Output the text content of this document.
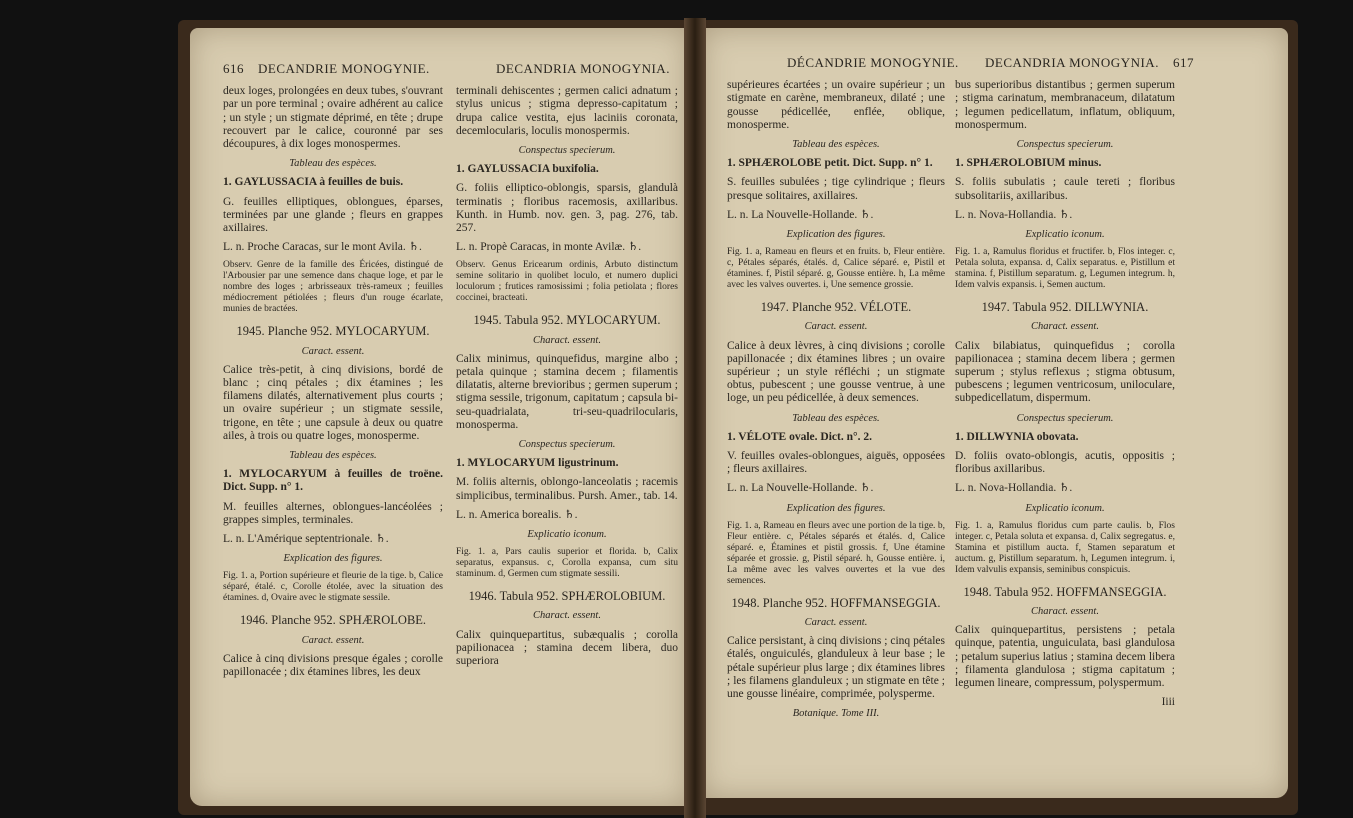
616 DECANDRIE MONOGYNIE.
deux loges, prolongées en deux tubes, s'ouvrant par un pore terminal ; ovaire adhérent au calice ; un style ; un stigmate déprimé, en tête ; drupe recouvert par le calice, couronné par ses découpures, à dix loges monospermes.
Tableau des espèces.
1. GAYLUSSACIA à feuilles de buis.
G. feuilles elliptiques, oblongues, éparses, terminées par une glande ; fleurs en grappes axillaires.
L. n. Proche Caracas, sur le mont Avila. ♄.
Observ. Genre de la famille des Éricées, distingué de l'Arbousier par une semence dans chaque loge, et par le nombre des loges ; arbrisseaux très-rameux ; feuilles médiocrement pétiolées ; fleurs d'un rouge écarlate, munies de bractées.
1945. Planche 952. MYLOCARYUM.
Caract. essent.
Calice très-petit, à cinq divisions, bordé de blanc ; cinq pétales ; dix étamines ; les filamens dilatés, alternativement plus courts ; un ovaire supérieur ; un stigmate sessile, trigone, en tête ; une capsule à deux ou quatre ailes, à trois ou quatre loges, monosperme.
Tableau des espèces.
1. MYLOCARYUM à feuilles de troëne. Dict. Supp. n° 1.
M. feuilles alternes, oblongues-lancéolées ; grappes simples, terminales.
L. n. L'Amérique septentrionale. ♄.
Explication des figures.
Fig. 1. a, Portion supérieure et fleurie de la tige. b, Calice séparé, étalé. c, Corolle étolée, avec la situation des étamines. d, Ovaire avec le stigmate sessile.
1946. Planche 952. SPHÆROLOBE.
Caract. essent.
Calice à cinq divisions presque égales ; corolle papillonacée ; dix étamines libres, les deux
DECANDRIA MONOGYNIA.
terminali dehiscentes ; germen calici adnatum ; stylus unicus ; stigma depresso-capitatum ; drupa calice vestita, ejus laciniis coronata, decemlocularis, loculis monospermis.
Conspectus specierum.
1. GAYLUSSACIA buxifolia.
G. foliis elliptico-oblongis, sparsis, glandulà terminatis ; floribus racemosis, axillaribus. Kunth. in Humb. nov. gen. 3, pag. 276, tab. 257.
L. n. Propè Caracas, in monte Avilæ. ♄.
Observ. Genus Ericearum ordinis, Arbuto distinctum semine solitario in quolibet loculo, et numero duplici loculorum ; frutices ramosissimi ; folia petiolata ; flores coccinei, bracteati.
1945. Tabula 952. MYLOCARYUM.
Charact. essent.
Calix minimus, quinquefidus, margine albo ; petala quinque ; stamina decem ; filamentis dilatatis, alterne brevioribus ; germen superum ; stigma sessile, trigonum, capitatum ; capsula bi-seu-quadrialata, tri-seu-quadrilocularis, monosperma.
Conspectus specierum.
1. MYLOCARYUM ligustrinum.
M. foliis alternis, oblongo-lanceolatis ; racemis simplicibus, terminalibus. Pursh. Amer., tab. 14.
L. n. America borealis. ♄.
Explicatio iconum.
Fig. 1. a, Pars caulis superior et florida. b, Calix separatus, expansus. c, Corolla expansa, cum situ staminum. d, Germen cum stigmate sessili.
1946. Tabula 952. SPHÆROLOBIUM.
Charact. essent.
Calix quinquepartitus, subæqualis ; corolla papilionacea ; stamina decem libera, duo superiora
DÉCANDRIE MONOGYNIE.
supérieures écartées ; un ovaire supérieur ; un stigmate en carène, membraneux, dilaté ; une gousse pédicellée, enflée, oblique, monosperme.
Tableau des espèces.
1. SPHÆROLOBE petit. Dict. Supp. n° 1.
S. feuilles subulées ; tige cylindrique ; fleurs presque solitaires, axillaires.
L. n. La Nouvelle-Hollande. ♄.
Explication des figures.
Fig. 1. a, Rameau en fleurs et en fruits. b, Fleur entière. c, Pétales séparés, étalés. d, Calice séparé. e, Pistil et étamines. f, Pistil séparé. g, Gousse entière. h, La même avec les valves ouvertes. i, Une semence grossie.
1947. Planche 952. VÉLOTE.
Caract. essent.
Calice à deux lèvres, à cinq divisions ; corolle papillonacée ; dix étamines libres ; un ovaire supérieur ; un style réfléchi ; un stigmate obtus, pubescent ; une gousse ventrue, à une loge, un peu pédicellée, à deux semences.
Tableau des espèces.
1. VÉLOTE ovale. Dict. n°. 2.
V. feuilles ovales-oblongues, aiguës, opposées ; fleurs axillaires.
L. n. La Nouvelle-Hollande. ♄.
Explication des figures.
Fig. 1. a, Rameau en fleurs avec une portion de la tige. b, Fleur entière. c, Pétales séparés et étalés. d, Calice séparé. e, Étamines et pistil grossis. f, Une étamine séparée et grossie. g, Pistil séparé. h, Gousse entière. i, La même avec les valves ouvertes et la vue des semences.
1948. Planche 952. HOFFMANSEGGIA.
Caract. essent.
Calice persistant, à cinq divisions ; cinq pétales étalés, onguiculés, glanduleux à leur base ; le pétale supérieur plus large ; dix étamines libres ; les filamens glanduleux ; un stigmate en tête ; une gousse linéaire, comprimée, polysperme.
Botanique. Tome III.
DECANDRIA MONOGYNIA. 617
bus superioribus distantibus ; germen superum ; stigma carinatum, membranaceum, dilatatum ; legumen pedicellatum, inflatum, obliquum, monospermum.
Conspectus specierum.
1. SPHÆROLOBIUM minus.
S. foliis subulatis ; caule tereti ; floribus subsolitariis, axillaribus.
L. n. Nova-Hollandia. ♄.
Explicatio iconum.
Fig. 1. a, Ramulus floridus et fructifer. b, Flos integer. c, Petala soluta, expansa. d, Calix separatus. e, Pistillum et stamina. f, Pistillum separatum. g, Legumen integrum. h, Idem valvis expansis. i, Semen auctum.
1947. Tabula 952. DILLWYNIA.
Charact. essent.
Calix bilabiatus, quinquefidus ; corolla papilionacea ; stamina decem libera ; germen superum ; stylus reflexus ; stigma obtusum, pubescens ; legumen ventricosum, uniloculare, subpedicellatum, dispermum.
Conspectus specierum.
1. DILLWYNIA obovata.
D. foliis ovato-oblongis, acutis, oppositis ; floribus axillaribus.
L. n. Nova-Hollandia. ♄.
Explicatio iconum.
Fig. 1. a, Ramulus floridus cum parte caulis. b, Flos integer. c, Petala soluta et expansa. d, Calix segregatus. e, Stamina et pistillum aucta. f, Stamen separatum et auctum. g, Pistillum separatum. h, Legumen integrum. i, Idem valvulis expansis, seminibus conspicuis.
1948. Tabula 952. HOFFMANSEGGIA.
Charact. essent.
Calix quinquepartitus, persistens ; petala quinque, patentia, unguiculata, basi glandulosa ; petalum superius latius ; stamina decem libera ; filamenta glandulosa ; stigma capitatum ; legumen lineare, compressum, polyspermum.
Iiii
